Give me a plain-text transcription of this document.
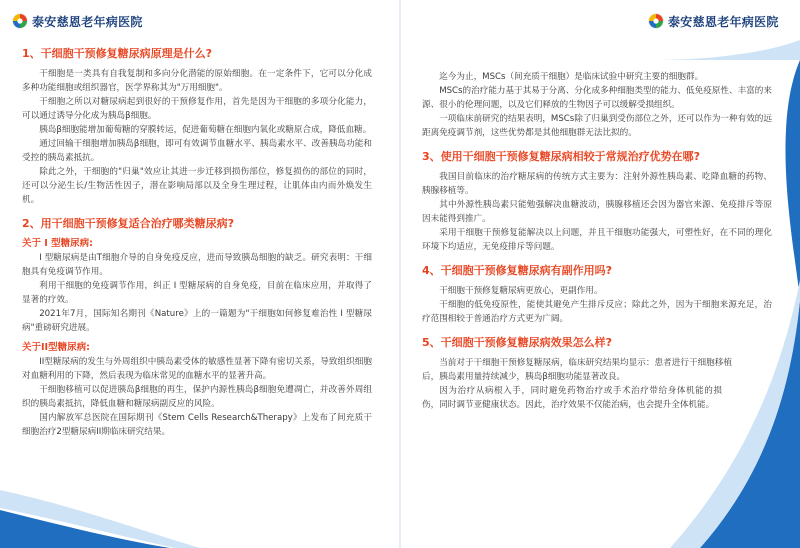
泰安慈恩老年病医院
1、干细胞干预修复糖尿病原理是什么?

干细胞是一类具有自我复制和多向分化潜能的原始细胞。在一定条件下，它可以分化成多种功能细胞或组织器官，医学界称其为"万用细胞"。

干细胞之所以对糖尿病起到很好的干预修复作用，首先是因为干细胞的多项分化能力，可以通过诱导分化成为胰岛β细胞。

胰岛β细胞能增加葡萄糖的穿膜转运，促进葡萄糖在细胞内氧化或糖原合成，降低血糖。

通过回输干细胞增加胰岛β细胞，即可有效调节血糖水平、胰岛素水平、改善胰岛功能和受控的胰岛素抵抗。

除此之外，干细胞的"归巢"效应让其进一步迁移到损伤部位，修复损伤的部位的同时，还可以分泌生长/生物活性因子，潜在影响局部以及全身生理过程，让肌体由内而外焕发生机。

2、用干细胞干预修复适合治疗哪类糖尿病?
关于 I 型糖尿病:

I 型糖尿病是由T细胞介导的自身免疫反应，进而导致胰岛细胞的缺乏。研究表明：干细胞具有免疫调节作用。

利用干细胞的免疫调节作用，纠正 I 型糖尿病的自身免疫，目前在临床应用，并取得了显著的疗效。

2021年7月，国际知名期刊《Nature》上的一篇题为"干细胞如何修复难治性 I 型糖尿病"重磅研究进展。

关于II型糖尿病:

II型糖尿病的发生与外周组织中胰岛素受体的敏感性显著下降有密切关系，导致组织细胞对血糖利用的下降，然后表现为临床常见的血糖水平的显著升高。

干细胞移植可以促进胰岛β细胞的再生，保护内源性胰岛β细胞免遭凋亡，并改善外周组织的胰岛素抵抗，降低血糖和糖尿病副反应的风险。

国内解放军总医院在国际期刊《Stem Cells Research&Therapy》上发布了间充质干细胞治疗2型糖尿病II期临床研究结果。

泰安慈恩老年病医院

迄今为止，MSCs（间充质干细胞）是临床试验中研究主要的细胞群。

MSCs的治疗能力基于其易于分离、分化成多种细胞类型的能力、低免疫原性、丰富的来源、很小的伦理问题，以及它们释放的生物因子可以缓解受损组织。

一项临床前研究的结果表明，MSCs除了归巢到受伤部位之外，还可以作为一种有效的远距离免疫调节剂，这些优势都是其他细胞群无法比拟的。

3、使用干细胞干预修复糖尿病相较于常规治疗优势在哪?

我国目前临床的治疗糖尿病的传统方式主要为：注射外源性胰岛素、吃降血糖的药物、胰腺移植等。

其中外源性胰岛素只能勉强解决血糖波动，胰腺移植还会因为器官来源、免疫排斥等原因未能得到推广。

采用干细胞干预修复能解决以上问题，并且干细胞功能强大，可塑性好，在不同的理化环境下均适应，无免疫排斥等问题。

4、干细胞干预修复糖尿病有副作用吗?

干细胞干预修复糖尿病更放心，更副作用。

干细胞的低免疫原性，能使其避免产生排斥反应；除此之外，因为干细胞来源充足，治疗范围相较于普通治疗方式更为广阔。

5、干细胞干预修复糖尿病效果怎么样?

当前对于干细胞干预修复糖尿病，临床研究结果均显示：患者进行干细胞移植后，胰岛素用量持续减少，胰岛β细胞功能显著改良。

因为治疗从病根入手，同时避免药物治疗或手术治疗带给身体机能的损伤，同时调节亚健康状态。因此，治疗效果不仅能治病，也会提升全体机能。
